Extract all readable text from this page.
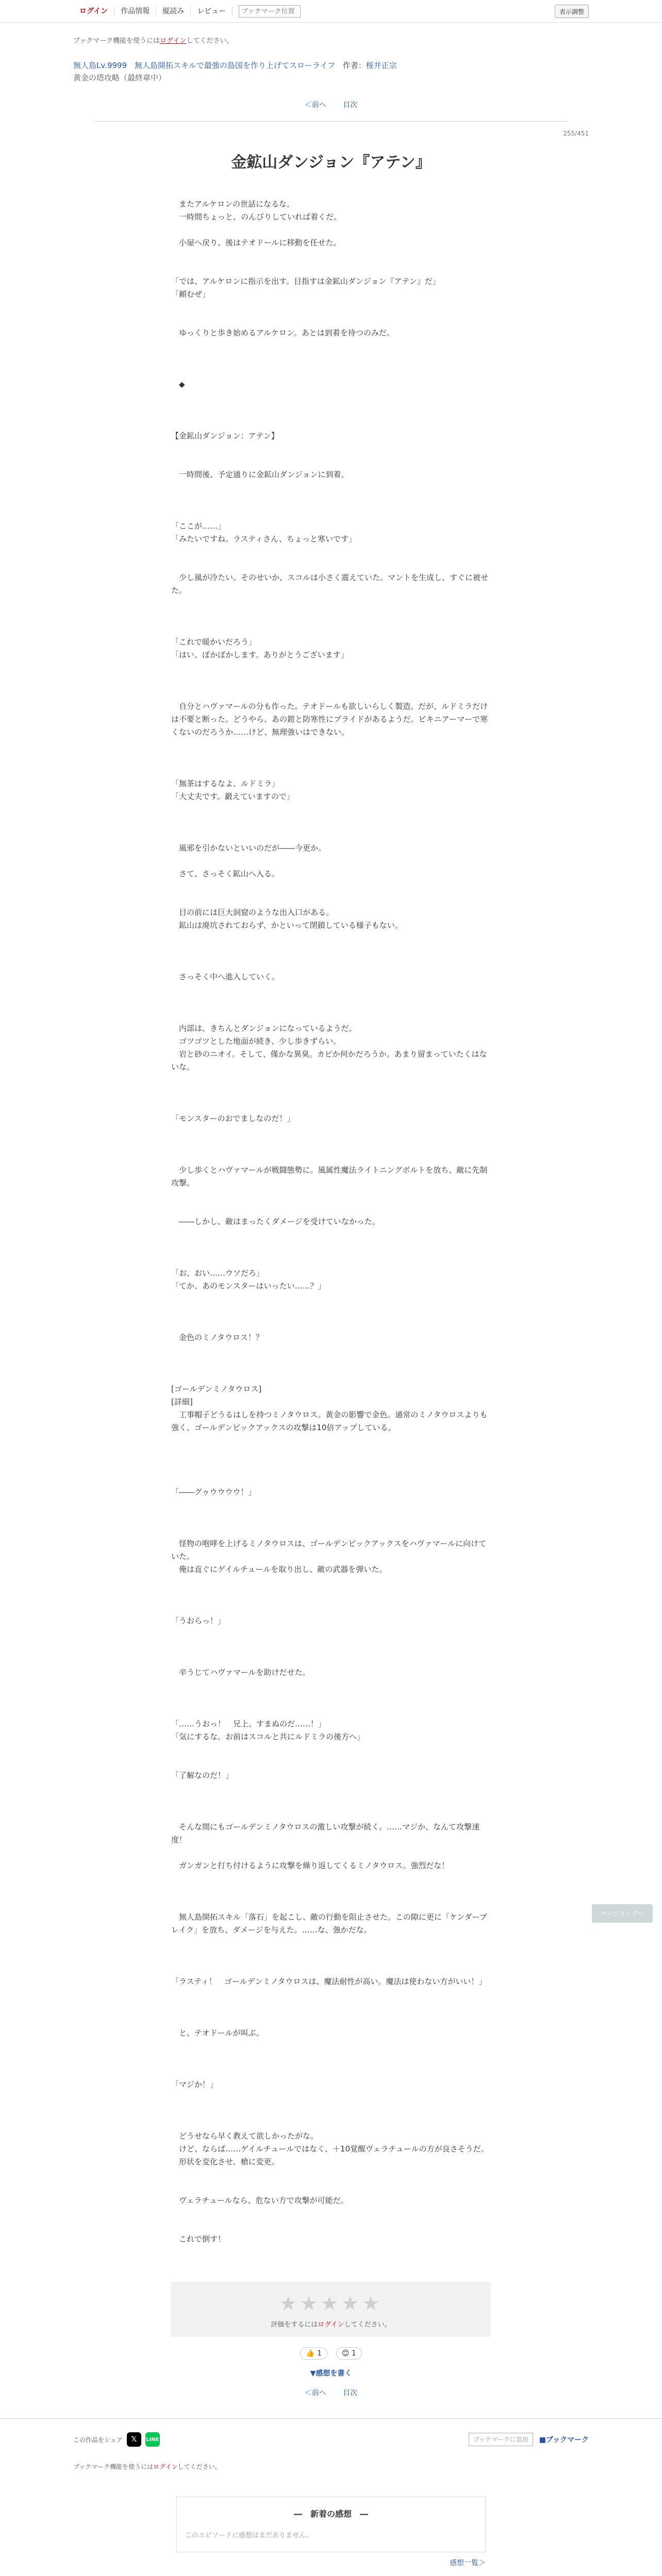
ログイン	作品情報	縦読み	レビュー
ブックマーク位置	表示調整

ブックマーク機能を使うにはログインしてください。

無人島Lv.9999　無人島開拓スキルで最強の島国を作り上げてスローライフ 作者：桜井正宗
黄金の塔攻略（最終章中）
＜前へ 目次
255/451
金鉱山ダンジョン『アテン』

　またアルケロンの世話になるな。

　一時間ちょっと、のんびりしていれば着くだ。

　小屋へ戻り、後はテオドールに移動を任せた。

「では、アルケロンに指示を出す。目指すは金鉱山ダンジョン『アテン』だ」

「頼むぜ」

　ゆっくりと歩き始めるアルケロン。あとは到着を待つのみだ。

　◆

【金鉱山ダンジョン：アテン】

　一時間後、予定通りに金鉱山ダンジョンに到着。

「ここが……」

「みたいですね。ラスティさん、ちょっと寒いです」

　少し風が冷たい。そのせいか、スコルは小さく震えていた。マントを生成し、すぐに被せた。

「これで暖かいだろう」

「はい、ぽかぽかします。ありがとうございます」

　自分とハヴァマールの分も作った。テオドールも欲しいらしく製造。だが、ルドミラだけは不要と断った。どうやら、あの鎧と防寒性にプライドがあるようだ。ビキニアーマーで寒くないのだろうか……けど、無理強いはできない。

「無茶はするなよ、ルドミラ」

「大丈夫です。鍛えていますので」

　風邪を引かないといいのだが――今更か。

　さて、さっそく鉱山へ入る。

　目の前には巨大洞窟のような出入口がある。

　鉱山は廃坑されておらず、かといって閉鎖している様子もない。

　さっそく中へ進入していく。

　内部は、きちんとダンジョンになっているようだ。

　ゴツゴツとした地面が続き、少し歩きずらい。

　岩と砂のニオイ。そして、僅かな異臭。カビか何かだろうか。あまり留まっていたくはないな。

「モンスターのおでましなのだ！」

　少し歩くとハヴァマールが戦闘態勢に。風属性魔法ライトニングボルトを放ち、敵に先制攻撃。

　――しかし、敵はまったくダメージを受けていなかった。

「お、おい……ウソだろ」

「てか、あのモンスターはいったい……？」

　金色のミノタウロス！？

[ゴールデンミノタウロス]

[詳細]

　工事帽子どうるはしを持つミノタウロス。黄金の影響で金色。通常のミノタウロスよりも強く、ゴールデンピックアックスの攻撃は10倍アップしている。

「――グゥウウウウ！」

　怪物の咆哮を上げるミノタウロスは、ゴールデンピックアックスをハヴァマールに向けていた。

　俺は直ぐにゲイルチュールを取り出し、敵の武器を弾いた。

「うおらっ！」

　辛うじてハヴァマールを助けだせた。

「……うおっ！　兄上、すまぬのだ……！」

「気にするな。お前はスコルと共にルドミラの後方へ」

「了解なのだ！」

　そんな間にもゴールデンミノタウロスの激しい攻撃が続く。……マジか、なんて攻撃速度！

　ガンガンと打ち付けるように攻撃を繰り返してくるミノタウロス。強烈だな！

　無人島開拓スキル「落石」を起こし、敵の行動を阻止させた。この隙に更に「ケンダーブレイク」を放ち、ダメージを与えた。……な、強かだな。

「ラスティ！　ゴールデンミノタウロスは、魔法耐性が高い。魔法は使わない方がいい！」

　と、テオドールが叫ぶ。

「マジか！」

　どうせなら早く教えて欲しかったがな。

　けど、ならば……ゲイルチュールではなく、＋10覚醒ヴェラチュールの方が良さそうだ。

　形状を変化させ、槍に変更。

　ヴェラチュールなら、危ない方で攻撃が可能だ。

　これで倒す！

★★★★★

評価をするにはログインしてください。

👍 1	😊 1
▼感想を書く
＜前へ 目次
この作品をシェア	𝕏	LINE	ブックマークに追加	■ブックマーク

ブックマーク機能を使うにはログインしてください。

―　新着の感想　―

このエピソードに感想はまだありません。

感想一覧＞

ページトップへ
